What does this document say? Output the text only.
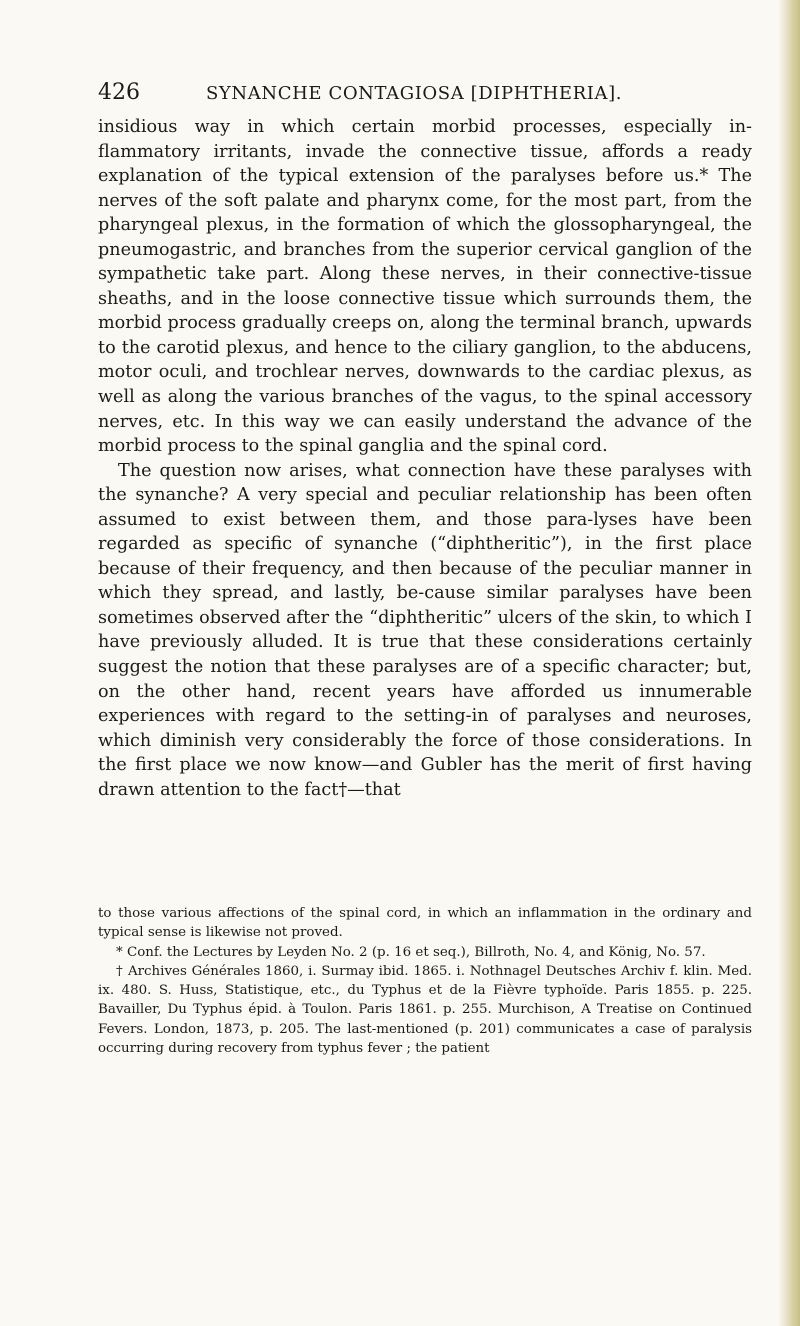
426	SYNANCHE CONTAGIOSA [DIPHTHERIA].

insidious way in which certain morbid processes, especially in-flammatory irritants, invade the connective tissue, affords a ready explanation of the typical extension of the paralyses before us.* The nerves of the soft palate and pharynx come, for the most part, from the pharyngeal plexus, in the formation of which the glossopharyngeal, the pneumogastric, and branches from the superior cervical ganglion of the sympathetic take part. Along these nerves, in their connective-tissue sheaths, and in the loose connective tissue which surrounds them, the morbid process gradually creeps on, along the terminal branch, upwards to the carotid plexus, and hence to the ciliary ganglion, to the abducens, motor oculi, and trochlear nerves, downwards to the cardiac plexus, as well as along the various branches of the vagus, to the spinal accessory nerves, etc. In this way we can easily understand the advance of the morbid process to the spinal ganglia and the spinal cord.

The question now arises, what connection have these paralyses with the synanche? A very special and peculiar relationship has been often assumed to exist between them, and those para-lyses have been regarded as specific of synanche (“diphtheritic”), in the first place because of their frequency, and then because of the peculiar manner in which they spread, and lastly, be-cause similar paralyses have been sometimes observed after the “diphtheritic” ulcers of the skin, to which I have previously alluded. It is true that these considerations certainly suggest the notion that these paralyses are of a specific character; but, on the other hand, recent years have afforded us innumerable experiences with regard to the setting-in of paralyses and neuroses, which diminish very considerably the force of those considerations. In the first place we now know—and Gubler has the merit of first having drawn attention to the fact†—that

to those various affections of the spinal cord, in which an inflammation in the ordinary and typical sense is likewise not proved.

* Conf. the Lectures by Leyden No. 2 (p. 16 et seq.), Billroth, No. 4, and König, No. 57.

† Archives Générales 1860, i. Surmay ibid. 1865. i. Nothnagel Deutsches Archiv f. klin. Med. ix. 480. S. Huss, Statistique, etc., du Typhus et de la Fièvre typhoïde. Paris 1855. p. 225. Bavailler, Du Typhus épid. à Toulon. Paris 1861. p. 255. Murchison, A Treatise on Continued Fevers. London, 1873, p. 205. The last-mentioned (p. 201) communicates a case of paralysis occurring during recovery from typhus fever ; the patient
